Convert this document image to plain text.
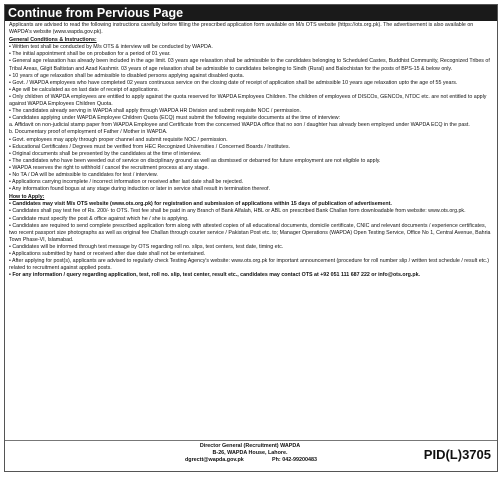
Continue from Pervious Page
Applicants are advised to read the following instructions carefully before filling the prescribed application form available on M/s OTS website (https://ots.org.pk). The advertisement is also available on WAPDA's website (www.wapda.gov.pk).
General Conditions & Instructions:
• Written test shall be conducted by M/s OTS & interview will be conducted by WAPDA.
• The initial appointment shall be on probation for a period of 01 year.
• General age relaxation has already been included in the age limit. 03 years age relaxation shall be admissible to the candidates belonging to Scheduled Castes, Buddhist Community, Recognized Tribes of Tribal Areas, Gilgit Baltistan and Azad Kashmir. 03 years of age relaxation shall be admissible to candidates belonging to Sindh (Rural) and Balochistan for the posts of BPS-15 & below only.
• 10 years of age relaxation shall be admissible to disabled persons applying against disabled quota.
• Govt. / WAPDA employees who have completed 02 years continuous service on the closing date of receipt of application shall be admissible 10 years age relaxation upto the age of 55 years.
• Age will be calculated as on last date of receipt of applications.
• Only children of WAPDA employees are entitled to apply against the quota reserved for WAPDA Employees Children. The children of employees of DISCOs, GENCOs, NTDC etc. are not entitled to apply against WAPDA Employees Children Quota.
• The candidates already serving in WAPDA shall apply through WAPDA HR Division and submit requisite NOC / permission.
• Candidates applying under WAPDA Employee Children Quota (ECQ) must submit the following requisite documents at the time of interview:
a. Affidavit on non-judicial stamp paper from WAPDA Employee and Certificate from the concerned WAPDA office that no son / daughter has already been employed under WAPDA ECQ in the past.
b. Documentary proof of employment of Father / Mother in WAPDA.
• Govt. employees may apply through proper channel and submit requisite NOC / permission.
• Educational Certificates / Degrees must be verified from HEC Recognized Universities / Concerned Boards / Institutes.
• Original documents shall be presented by the candidates at the time of interview.
• The candidates who have been weeded out of service on disciplinary ground as well as dismissed or debarred for future employment are not eligible to apply.
• WAPDA reserves the right to withhold / cancel the recruitment process at any stage.
• No TA / DA will be admissible to candidates for test / interview.
• Applications carrying incomplete / incorrect information or received after last date shall be rejected.
• Any information found bogus at any stage during induction or later in service shall result in termination thereof.
How to Apply:
• Candidates may visit M/s OTS website (www.ots.org.pk) for registration and submission of applications within 15 days of publication of advertisement.
• Candidates shall pay test fee of Rs. 200/- to OTS. Test fee shall be paid in any Branch of Bank Alfalah, HBL or ABL on prescribed Bank Challan form downloadable from website: www.ots.org.pk.
• Candidate must specify the post & office against which he / she is applying.
• Candidates are required to send complete prescribed application form along with attested copies of all educational documents, domicile certificate, CNIC and relevant documents / experience certificates, two recent passport size photographs as well as original fee Challan through courier service / Pakistan Post etc. to; Manager Operations (WAPDA) Open Testing Service, Office No 1, Central Avenue, Bahria Town Phase-VI, Islamabad.
• Candidates will be informed through text message by OTS regarding roll no. slips, test centers, test date, timing etc.
• Applications submitted by hand or received after due date shall not be entertained.
• After applying for post(s), applicants are advised to regularly check Testing Agency's website: www.ots.org.pk for important announcement (procedure for roll number slip / written test schedule / result etc.) related to recruitment against applied posts.
• For any information / query regarding application, test, roll no. slip, test center, result etc., candidates may contact OTS at +92 051 111 687 222 or info@ots.org.pk.
Director General (Recruitment) WAPDA
B-26, WAPDA House, Lahore.
dgrectt@wapda.gov.pk	Ph: 042-99200483	PID(L)3705
